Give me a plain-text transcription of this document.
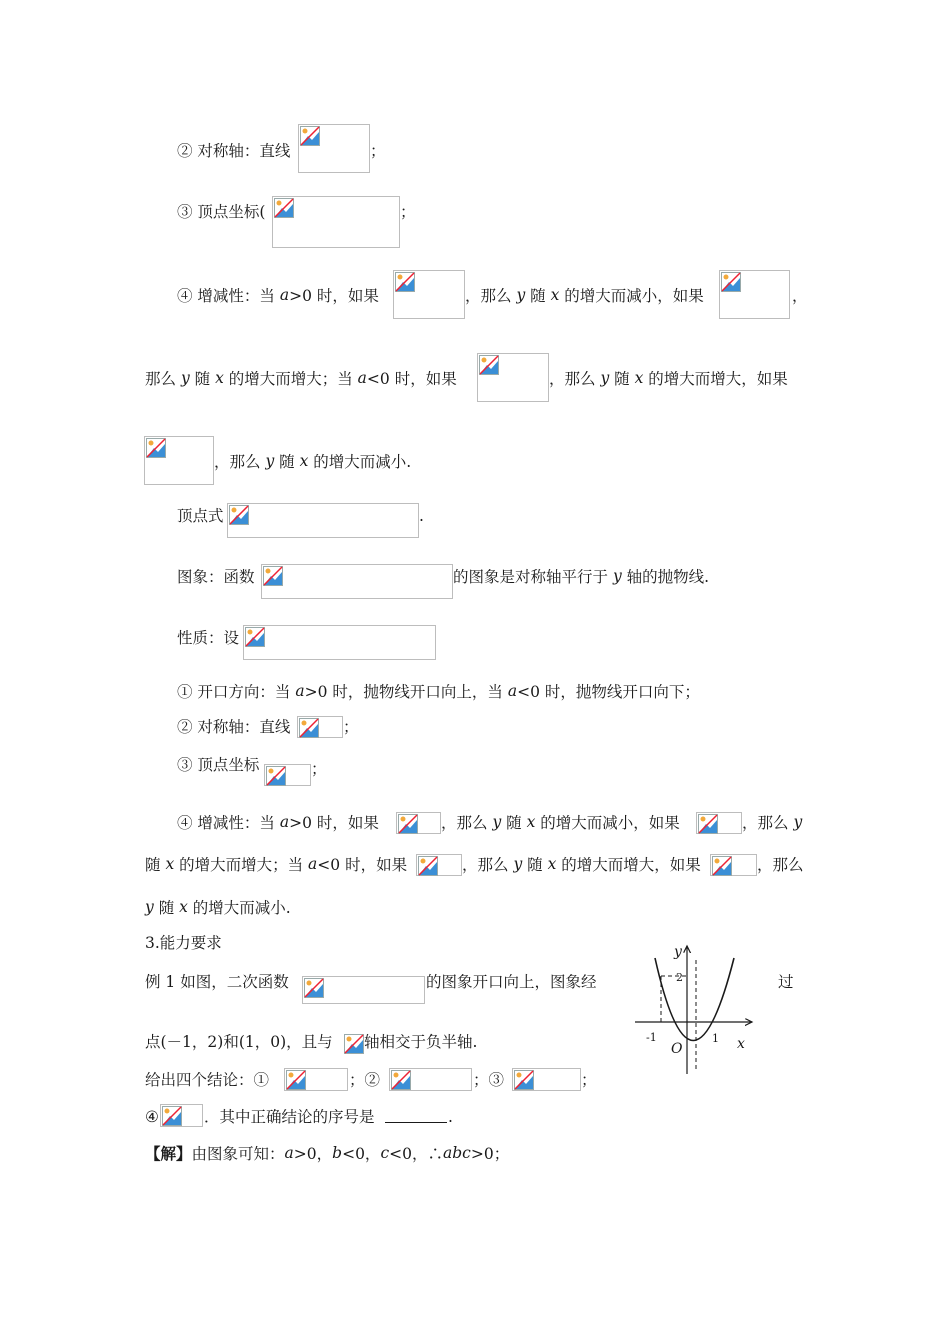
② 对称轴：直线	；
③ 顶点坐标(	；
④ 增减性：当 a>0 时，如果	，那么 y 随 x 的增大而减小，如果	，
那么 y 随 x 的增大而增大；当 a<0 时，如果	，那么 y 随 x 的增大而增大，如果
，那么 y 随 x 的增大而减小.
顶点式	.
图象：函数	的图象是对称轴平行于 y 轴的抛物线.
性质：设
① 开口方向：当 a>0 时，抛物线开口向上，当 a<0 时，抛物线开口向下；
② 对称轴：直线	；
③ 顶点坐标	；
④ 增减性：当 a>0 时，如果	，那么 y 随 x 的增大而减小，如果	，那么 y
随 x 的增大而增大；当 a<0 时，如果	，那么 y 随 x 的增大而增大，如果	，那么
y 随 x 的增大而减小.
3.能力要求
例 1 如图，二次函数	的图象开口向上，图象经	过
点(－1，2)和(1，0)，且与 轴相交于负半轴.
给出四个结论：①	；②	；③	；
④	．其中正确结论的序号是	.
【解】由图象可知：a>0，b<0，c<0，∴abc>0；
y
x
O
2
-1	1
